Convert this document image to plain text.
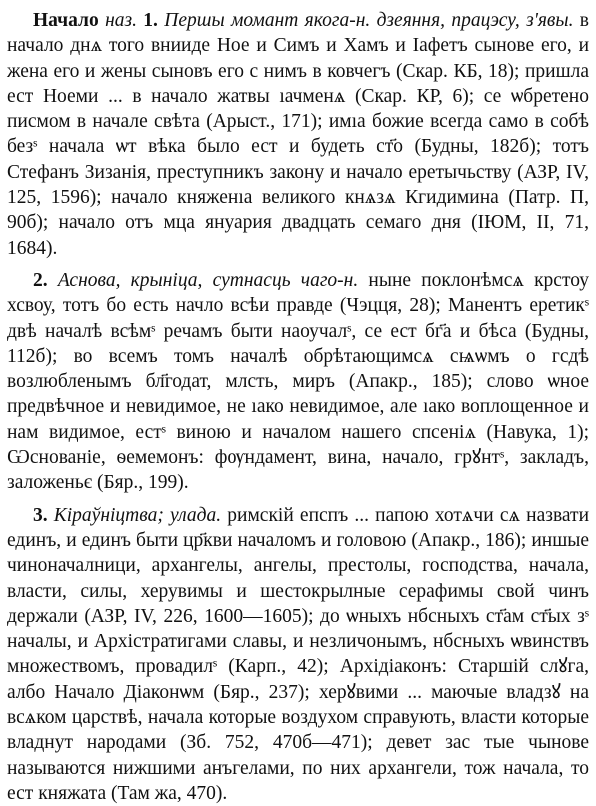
Начало наз. 1. Першы момант якога-н. дзеяння, працэсу, з'явы. в начало днѧ того внииде Ное и Симъ и Хамъ и Іафетъ сынове его, и жена его и жены сыновъ его с нимъ в ковчегъ (Скар. КБ, 18); пришла ест Ноеми ... в начало жатвы ıачменѧ (Скар. КР, 6); се ѡбретено писмом в начале свѣта (Арыст., 171); имıа божие всегда само в собѣ безˢ начала ѡт вѣка было ест и будеть ст҃о (Будны, 182б); тотъ Стефанъ Зизанія, преступникъ закону и начало еретычьству (АЗР, IV, 125, 1596); начало княженıа великого кнѧзѧ Кгидимина (Патр. П, 90б); начало отъ мца януария двадцать семаго дня (ІЮМ, II, 71, 1684).

2. Аснова, крыніца, сутнасць чаго-н. ныне поклонѣмсѧ крстоу хсвоу, тотъ бо есть начло всѣи правде (Чэцця, 28); Манентъ еретикˢ двѣ началѣ всѣмˢ речамъ быти наоучалˢ, се ест бг҃а и бѣса (Будны, 112б); во всемъ томъ началѣ обрѣтающимсѧ сѩѡмъ о гсдѣ возлюбленымъ бл҃годат, млсть, миръ (Апакр., 185); слово ѡное предвѣчное и невидимое, не ıако невидимое, але ıако воплощенное и нам видимое, естˢ виною и началом нашего спсеніѧ (Навука, 1); Ѡснованіе, ѳемемонъ: фѹндамент, вина, начало, грꙋнтˢ, закладъ, заложеньє (Бяр., 199).

3. Кіраўніцтва; улада. римскій епспъ ... папою хотѧчи сѧ назвати единъ, и единъ быти цр҃кви началомъ и головою (Апакр., 186); иншые чиноначалници, архангелы, ангелы, престолы, господства, начала, власти, силы, херувимы и шестокрылные серафимы свой чинъ держали (АЗР, IV, 226, 1600—1605); до ѡныхъ нбсныхъ ст҃ам ст҃ых зˢ началы, и Архістратигами славы, и незличонымъ, нбсныхъ ѡвинствъ множествомъ, провадилˢ (Карп., 42); Архідіаконъ: Старшій слꙋга, албо Начало Діаконѡм (Бяр., 237); херꙋвими ... маючые владзꙋ на всѧком царствѣ, начала которые воздухом справують, власти которые владнут народами (Зб. 752, 470б—471); девет зас тые чынове называются нижшими анъгелами, по них архангели, тож начала, то ест княжата (Там жа, 470).
